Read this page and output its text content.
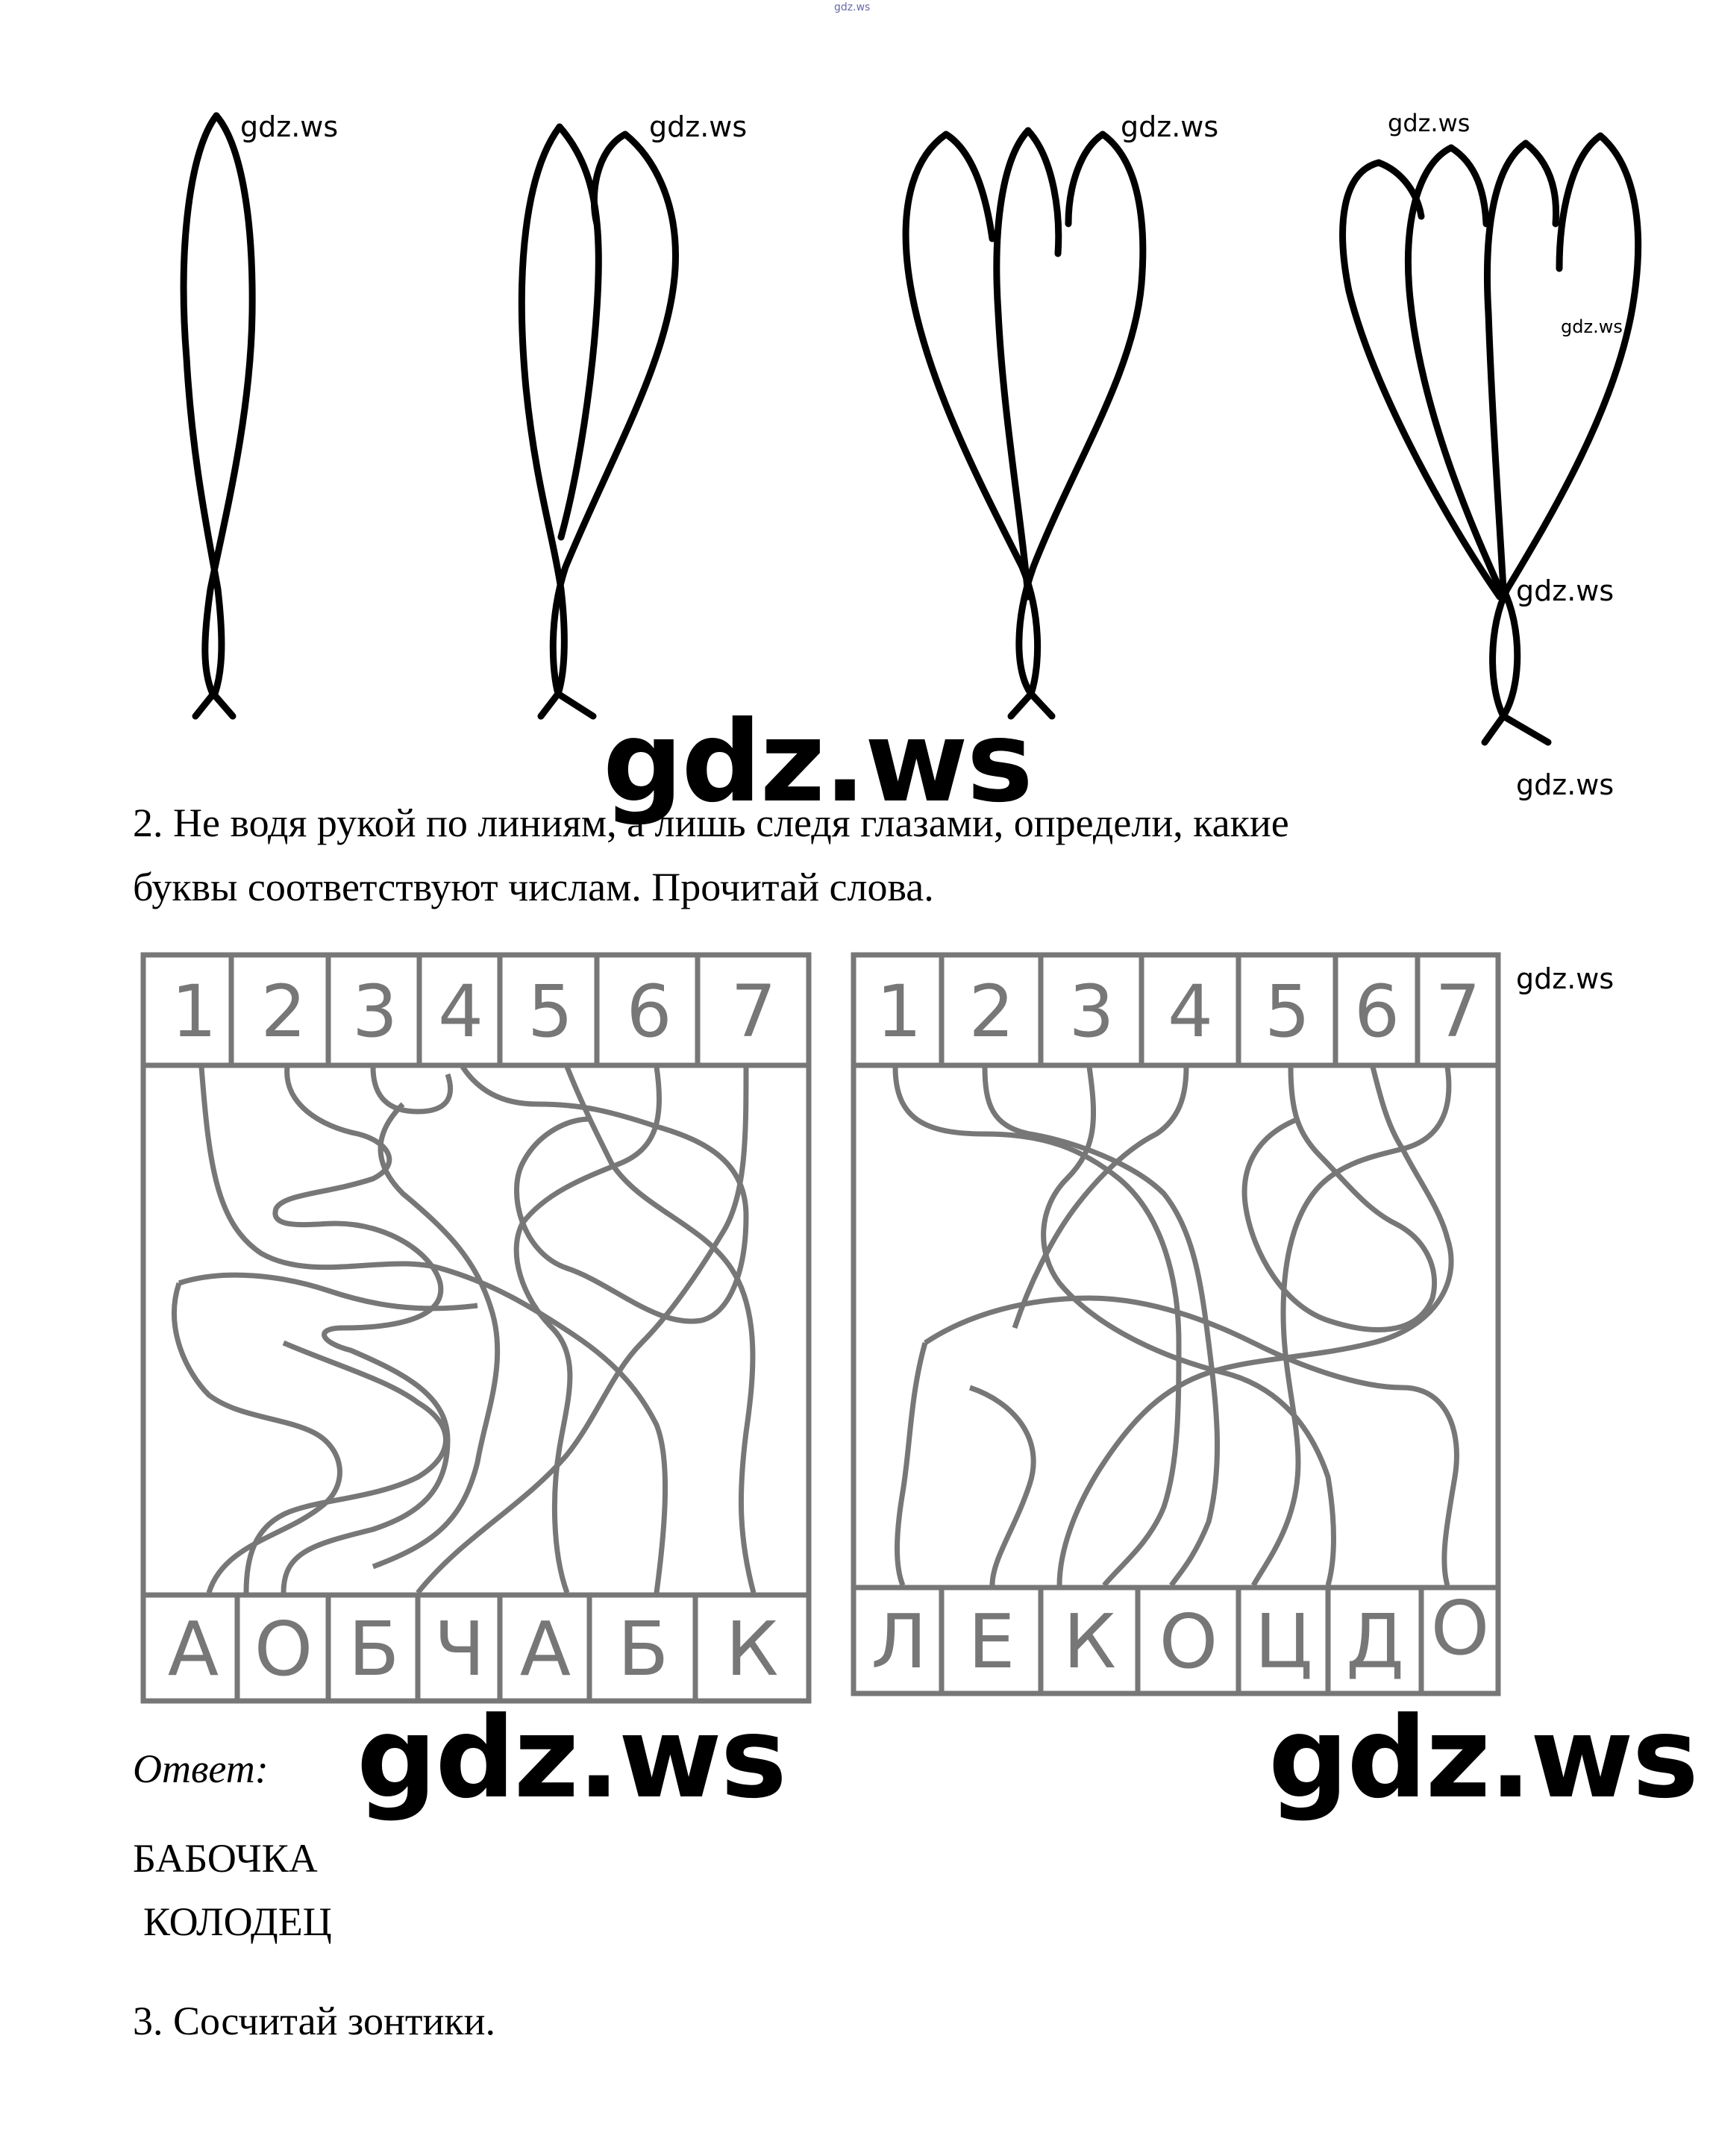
gdz.ws
gdz.ws	gdz.ws	gdz.ws	gdz.ws
gdz.ws
gdz.ws
gdz.ws
gdz.ws
gdz.ws
gdz.ws	gdz.ws
2. Не водя рукой по линиям, а лишь следя глазами, определи, какие
буквы соответствуют числам. Прочитай слова.
1 2 3 4 5 6 7
А О Б Ч А Б К
1 2 3 4 5 6 7
Л Е К О Ц Д О
Ответ:
БАБОЧКА
КОЛОДЕЦ
3. Сосчитай зонтики.
